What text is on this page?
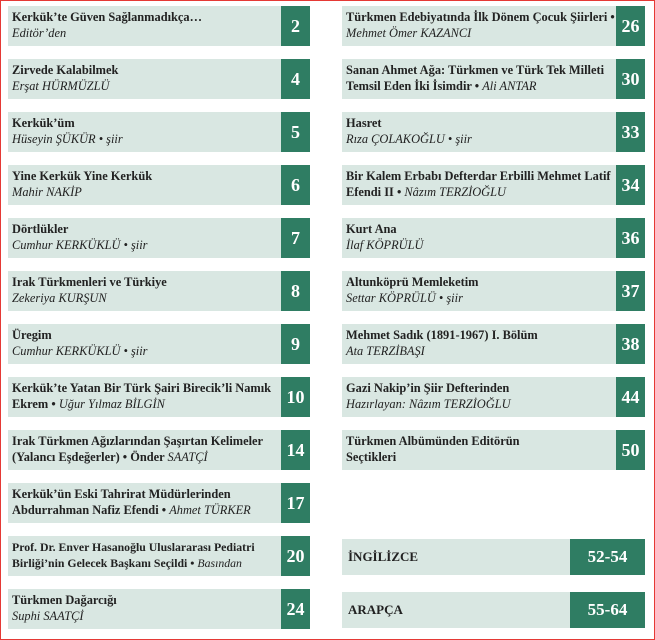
Kerkük’te Güven Sağlanmadıkça…
Editör’den	2
Zirvede Kalabilmek
Erşat HÜRMÜZLÜ	4
Kerkük’üm
Hüseyin ŞÜKÜR • şiir	5
Yine Kerkük Yine Kerkük
Mahir NAKİP	6
Dörtlükler
Cumhur KERKÜKLÜ • şiir	7
Irak Türkmenleri ve Türkiye
Zekeriya KURŞUN	8
Üregim
Cumhur KERKÜKLÜ • şiir	9
Kerkük’te Yatan Bir Türk Şairi Birecik’li Namık Ekrem • Uğur Yılmaz BİLGİN	10
Irak Türkmen Ağızlarından Şaşırtan Kelimeler (Yalancı Eşdeğerler) • Önder SAATÇİ	14
Kerkük’ün Eski Tahrirat Müdürlerinden Abdurrahman Nafiz Efendi • Ahmet TÜRKER	17
Prof. Dr. Enver Hasanoğlu Uluslararası Pediatri Birliği’nin Gelecek Başkanı Seçildi • Basından	20
Türkmen Dağarcığı
Suphi SAATÇİ	24
Türkmen Edebiyatında İlk Dönem Çocuk Şiirleri • Mehmet Ömer KAZANCI	26
Sanan Ahmet Ağa: Türkmen ve Türk Tek Milleti Temsil Eden İki İsimdir • Ali ANTAR	30
Hasret
Rıza ÇOLAKOĞLU • şiir	33
Bir Kalem Erbabı Defterdar Erbilli Mehmet Latif Efendi II • Nâzım TERZİOĞLU	34
Kurt Ana
İlaf KÖPRÜLÜ	36
Altunköprü Memleketim
Settar KÖPRÜLÜ • şiir	37
Mehmet Sadık (1891-1967) I. Bölüm
Ata TERZİBAŞI	38
Gazi Nakip’in Şiir Defterinden
Hazırlayan: Nâzım TERZİOĞLU	44
Türkmen Albümünden Editörün Seçtikleri	50
İNGİLİZCE	52-54
ARAPÇA	55-64
